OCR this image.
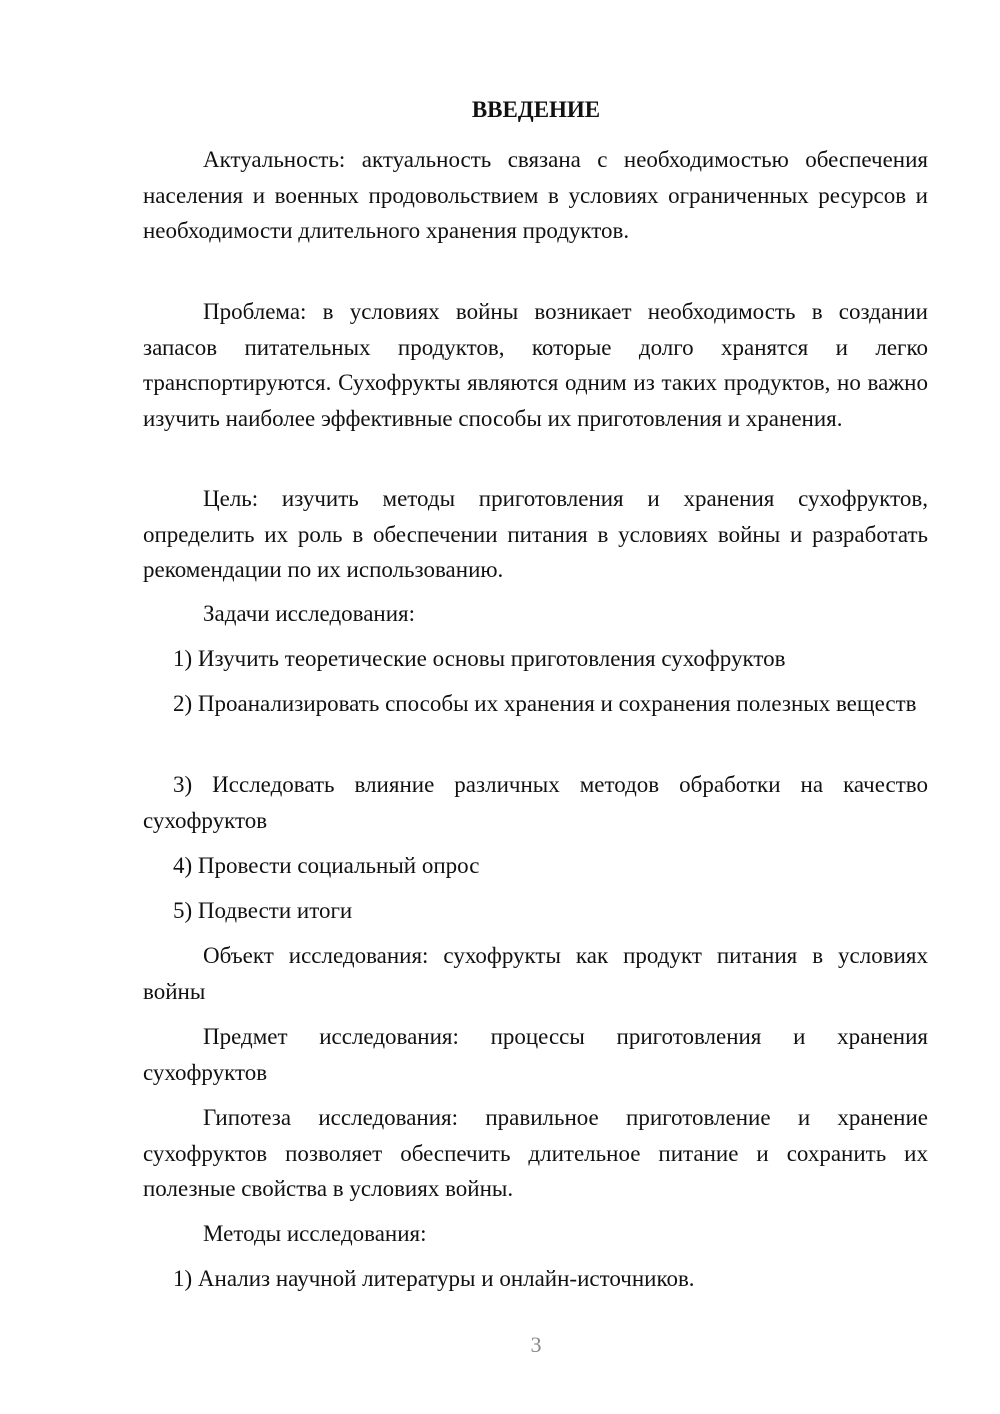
ВВЕДЕНИЕ

Актуальность: актуальность связана с необходимостью обеспечения населения и военных продовольствием в условиях ограниченных ресурсов и необходимости длительного хранения продуктов.

Проблема: в условиях войны возникает необходимость в создании запасов питательных продуктов, которые долго хранятся и легко транспортируются. Сухофрукты являются одним из таких продуктов, но важно изучить наиболее эффективные способы их приготовления и хранения.

Цель: изучить методы приготовления и хранения сухофруктов, определить их роль в обеспечении питания в условиях войны и разработать рекомендации по их использованию.

Задачи исследования:

1) Изучить теоретические основы приготовления сухофруктов

2) Проанализировать способы их хранения и сохранения полезных веществ

3) Исследовать влияние различных методов обработки на качество сухофруктов

4) Провести социальный опрос

5) Подвести итоги

Объект исследования: сухофрукты как продукт питания в условиях войны

Предмет исследования: процессы приготовления и хранения сухофруктов

Гипотеза исследования: правильное приготовление и хранение сухофруктов позволяет обеспечить длительное питание и сохранить их полезные свойства в условиях войны.

Методы исследования:

1) Анализ научной литературы и онлайн-источников.

3
